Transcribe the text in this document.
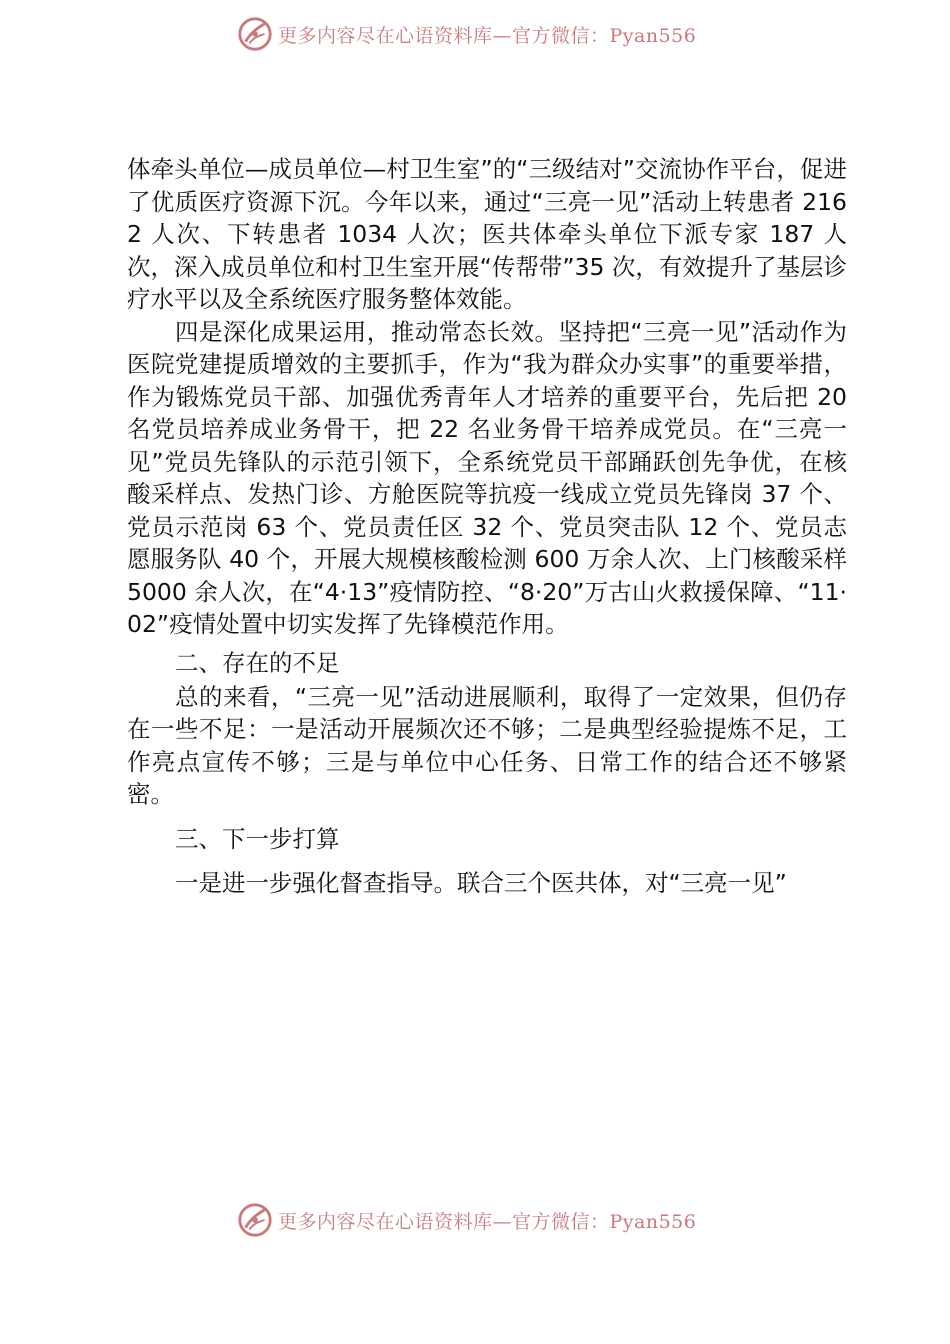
更多内容尽在心语资料库—官方微信：Pyan556

体牵头单位—成员单位—村卫生室”的“三级结对”交流协作平台，促进了优质医疗资源下沉。今年以来，通过“三亮一见”活动上转患者 2162 人次、下转患者 1034 人次；医共体牵头单位下派专家 187 人次，深入成员单位和村卫生室开展“传帮带”35 次，有效提升了基层诊疗水平以及全系统医疗服务整体效能。

四是深化成果运用，推动常态长效。坚持把“三亮一见”活动作为医院党建提质增效的主要抓手，作为“我为群众办实事”的重要举措，作为锻炼党员干部、加强优秀青年人才培养的重要平台，先后把 20 名党员培养成业务骨干，把 22 名业务骨干培养成党员。在“三亮一见”党员先锋队的示范引领下，全系统党员干部踊跃创先争优，在核 酸采样点、发热门诊、方舱医院等抗疫一线成立党员先锋岗 37 个、党员示范岗 63 个、党员责任区 32 个、党员突击队 12 个、党员志愿服务队 40 个，开展大规模核酸检测 600 万余人次、上门核酸采样 5000 余人次，在“4·13”疫情防控、“8·20”万古山火救援保障、“11·02”疫情处置中切实发挥了先锋模范作用。

二、存在的不足

总的来看，“三亮一见”活动进展顺利，取得了一定效果，但仍存在一些不足：一是活动开展频次还不够；二是典型经验提炼不足，工作亮点宣传不够；三是与单位中心任务、日常工作的结合还不够紧密。

三、下一步打算

一是进一步强化督查指导。联合三个医共体，对“三亮一见”

更多内容尽在心语资料库—官方微信：Pyan556
